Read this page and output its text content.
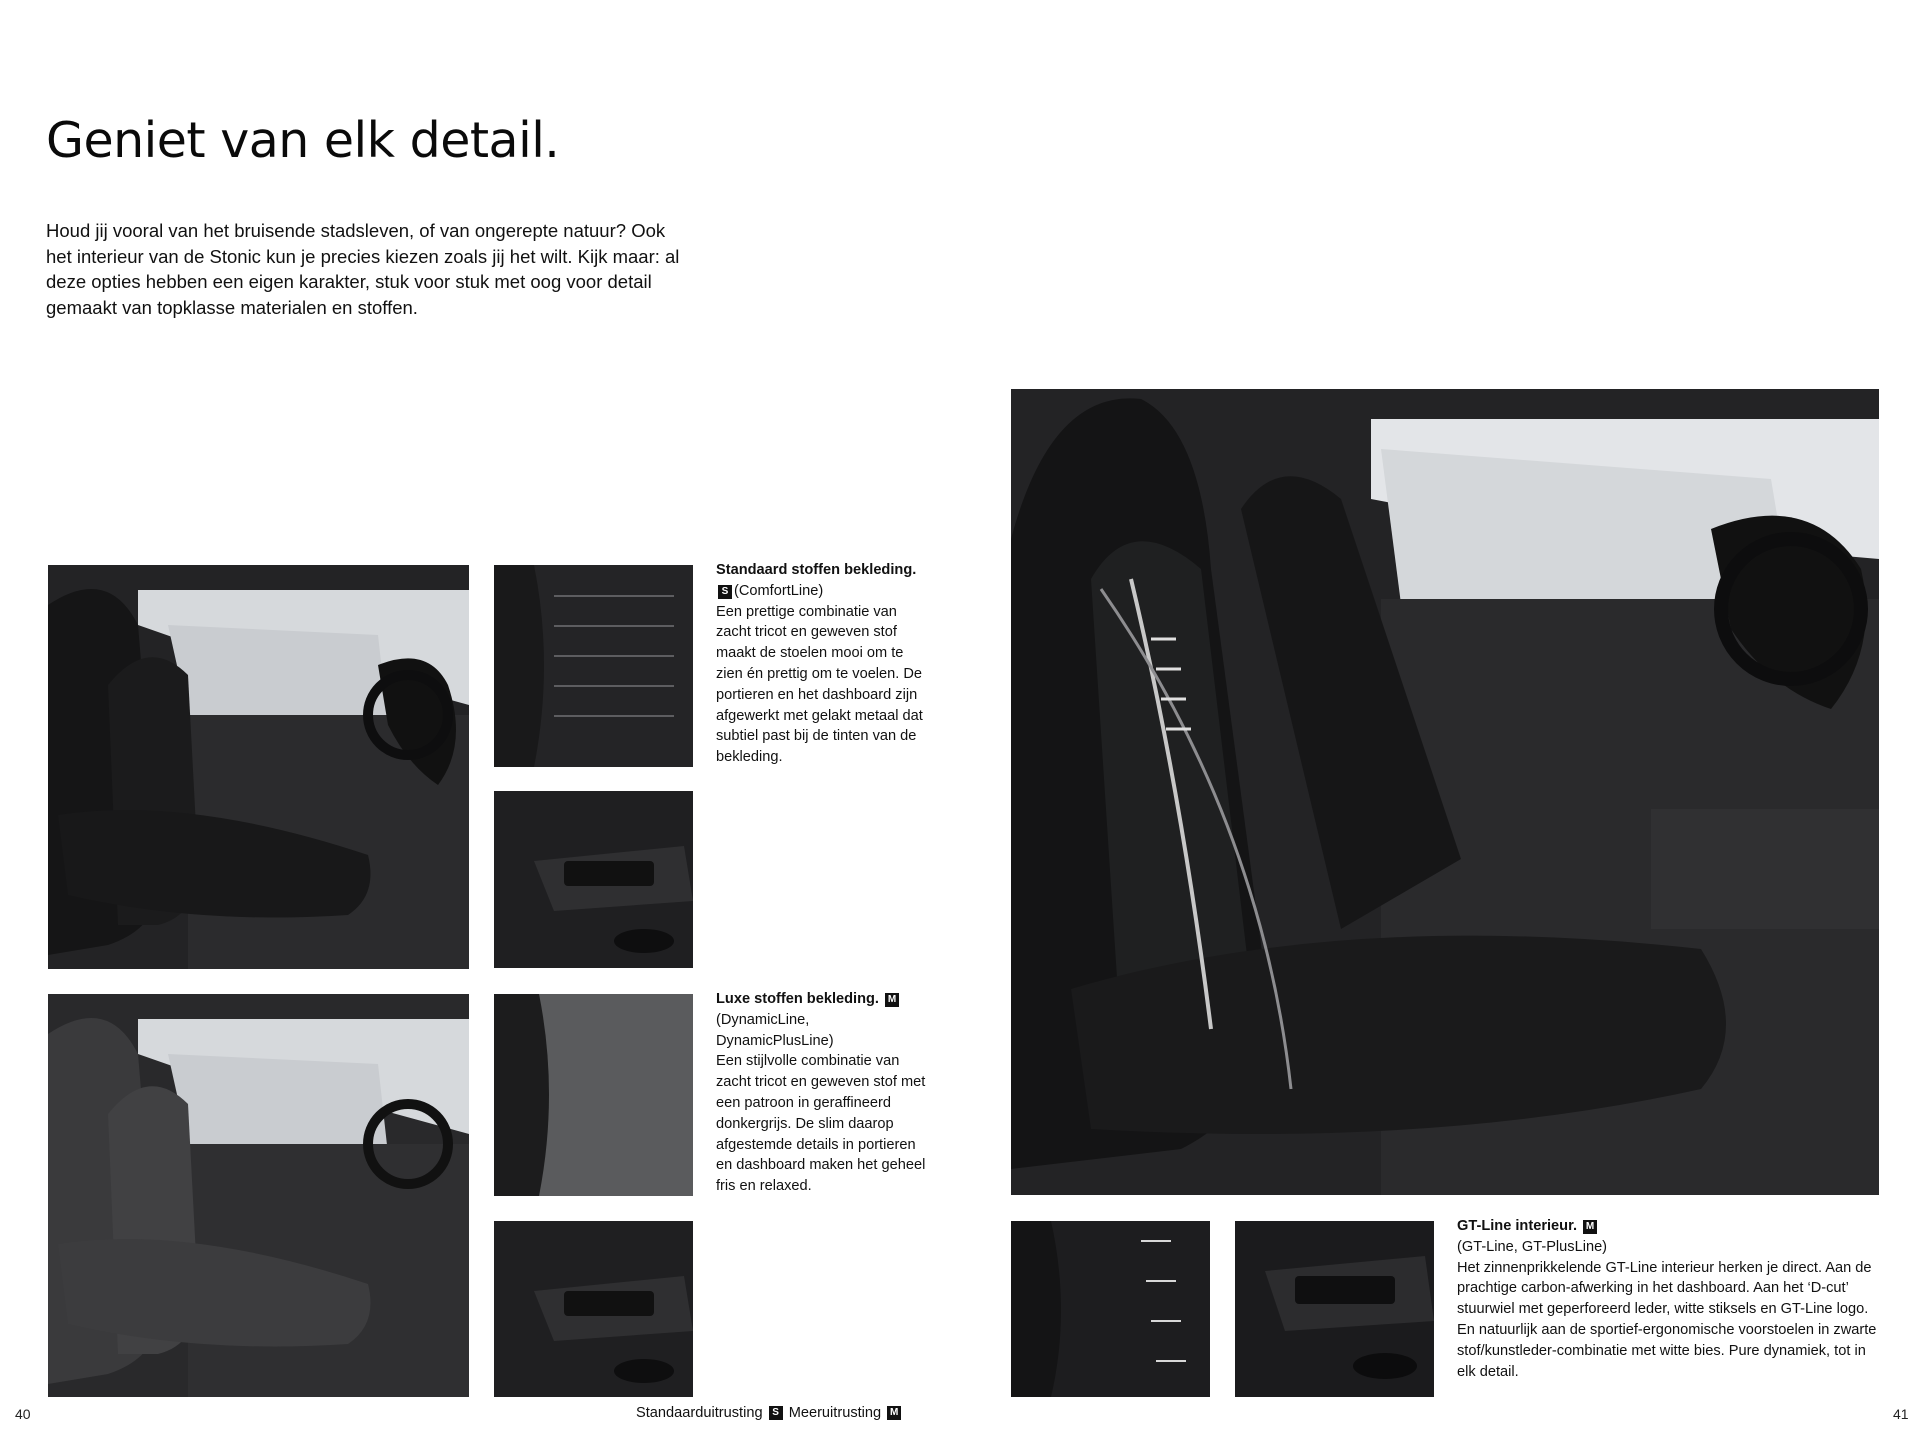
Geniet van elk detail.

Houd jij vooral van het bruisende stadsleven, of van ongerepte natuur? Ook het interieur van de Stonic kun je precies kiezen zoals jij het wilt. Kijk maar: al deze opties hebben een eigen karakter, stuk voor stuk met oog voor detail gemaakt van topklasse materialen en stoffen.

Standaard stoffen bekleding. S (ComfortLine)
Een prettige combinatie van zacht tricot en geweven stof maakt de stoelen mooi om te zien én prettig om te voelen. De portieren en het dashboard zijn afgewerkt met gelakt metaal dat subtiel past bij de tinten van de bekleding.
Luxe stoffen bekleding. M
(DynamicLine, DynamicPlusLine)
Een stijlvolle combinatie van zacht tricot en geweven stof met een patroon in geraffineerd donkergrijs. De slim daarop afgestemde details in portieren en dashboard maken het geheel fris en relaxed.
GT-Line interieur. M
(GT-Line, GT-PlusLine)
Het zinnenprikkelende GT-Line interieur herken je direct. Aan de prachtige carbon-afwerking in het dashboard. Aan het ‘D-cut’ stuurwiel met geperforeerd leder, witte stiksels en GT-Line logo. En natuurlijk aan de sportief-ergonomische voorstoelen in zwarte stof/kunstleder-combinatie met witte bies. Pure dynamiek, tot in elk detail.
40	Standaarduitrusting S Meeruitrusting M	41
